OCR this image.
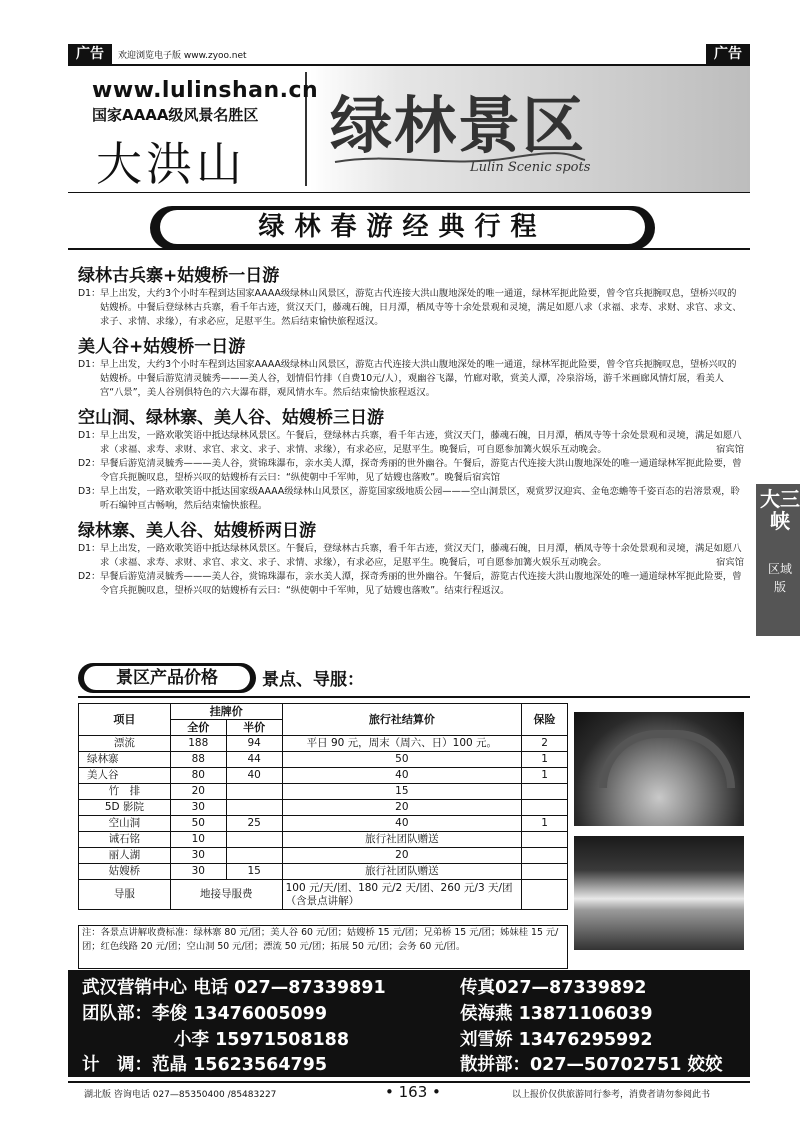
广告	广告
欢迎浏览电子版 www.zyoo.net
www.lulinshan.cn
国家AAAA级风景名胜区
大洪山
绿林景区
Lulin Scenic spots
绿林春游经典行程
绿林古兵寨+姑嫂桥一日游

D1： 早上出发，大约3个小时车程到达国家AAAA级绿林山风景区，游览古代连接大洪山腹地深处的唯一通道，绿林军扼此险要，曾令官兵扼腕叹息，望桥兴叹的姑嫂桥。中餐后登绿林古兵寨，看千年古迹，赏汉天门，藤魂石魄，日月潭，栖凤寺等十余处景观和灵境，满足如愿八求（求福、求寿、求财、求官、求文、求子、求情、求缘），有求必应，足慰平生。然后结束愉快旅程返汉。

美人谷+姑嫂桥一日游

D1： 早上出发，大约3个小时车程到达国家AAAA级绿林山风景区，游览古代连接大洪山腹地深处的唯一通道，绿林军扼此险要，曾令官兵扼腕叹息，望桥兴叹的姑嫂桥。中餐后游览清灵毓秀———美人谷，划情侣竹排（自费10元/人），观幽谷飞瀑，竹廊对歌，赏美人潭，冷泉浴场，游千米画廊风情灯展，看美人宫“八景”，美人谷别俱特色的六大瀑布群，观风情水车。然后结束愉快旅程返汉。

空山洞、绿林寨、美人谷、姑嫂桥三日游

D1： 早上出发，一路欢歌笑语中抵达绿林风景区。午餐后，登绿林古兵寨，看千年古迹，赏汉天门，藤魂石魄，日月潭，栖凤寺等十余处景观和灵境，满足如愿八求（求福、求寿、求财、求官、求文、求子、求情、求缘），有求必应，足慰平生。晚餐后，可自愿参加篝火娱乐互动晚会。	宿宾馆

D2： 早餐后游览清灵毓秀———美人谷，赏锦珠瀑布，亲水美人潭，探奇秀丽的世外幽谷。午餐后，游览古代连接大洪山腹地深处的唯一通道绿林军扼此险要，曾令官兵扼腕叹息，望桥兴叹的姑嫂桥有云曰：“纵使朝中千军帅，见了姑嫂也落败”。晚餐后宿宾馆

D3： 早上出发，一路欢歌笑语中抵达国家级AAAA级绿林山风景区，游览国家级地质公园———空山洞景区，观赏罗汉迎宾、金龟恋蟾等千姿百态的岩溶景观，聆听石编钟亘古畅响，然后结束愉快旅程。

绿林寨、美人谷、姑嫂桥两日游

D1： 早上出发，一路欢歌笑语中抵达绿林风景区。午餐后，登绿林古兵寨，看千年古迹，赏汉天门，藤魂石魄，日月潭，栖凤寺等十余处景观和灵境，满足如愿八求（求福、求寿、求财、求官、求文、求子、求情、求缘），有求必应，足慰平生。晚餐后，可自愿参加篝火娱乐互动晚会。	宿宾馆

D2： 早餐后游览清灵毓秀———美人谷，赏锦珠瀑布，亲水美人潭，探奇秀丽的世外幽谷。午餐后，游览古代连接大洪山腹地深处的唯一通道绿林军扼此险要，曾令官兵扼腕叹息，望桥兴叹的姑嫂桥有云曰：“纵使朝中千军帅，见了姑嫂也落败”。结束行程返汉。

大三峡
区域版
景区产品价格	景点、导服：
项目	挂牌价		旅行社结算价	保险
	全价	半价		
漂流	188	94	平日 90 元，周末（周六、日）100 元。	2
绿林寨	88	44	50	1
美人谷	80	40	40	1
竹　排	20		15	
5D 影院	30		20	
空山洞	50	25	40	1
诫石铭	10		旅行社团队赠送	
丽人湖	30		20	
姑嫂桥	30	15	旅行社团队赠送	
导服	地接导服费		100 元/天/团、180 元/2 天/团、260 元/3 天/团（含景点讲解）	
注：各景点讲解收费标准：绿林寨 80 元/团；美人谷 60 元/团；姑嫂桥 15 元/团；兄弟桥 15 元/团；姊妹桂 15 元/团；红色线路 20 元/团；空山洞 50 元/团；漂流 50 元/团；拓展 50 元/团；会务 60 元/团。
武汉营销中心 电话 027—87339891	传真027—87339892
团队部：李俊 13476005099	侯海燕 13871106039
小李 15971508188	刘雪娇 13476295992
计　调：范晶 15623564795	散拼部：027—50702751 姣姣
湖北版 咨询电话 027—85350400 /85483227	• 163 •	以上报价仅供旅游同行参考，消费者请勿参阅此书
